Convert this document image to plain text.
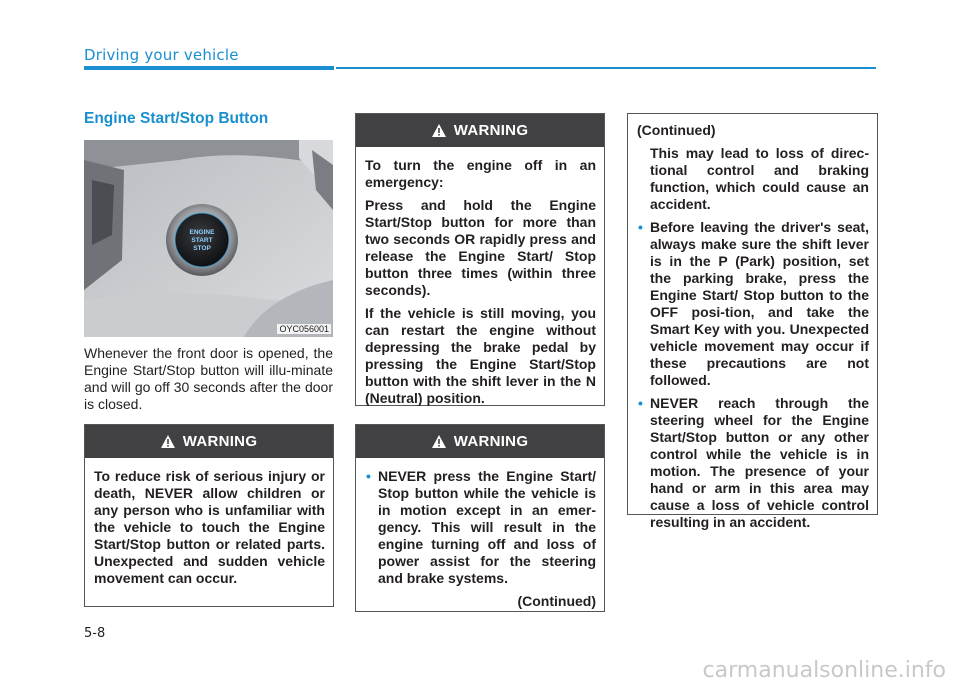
Driving your vehicle
Engine Start/Stop Button
ENGINE
START
STOP
OYC056001
Whenever the front door is opened, the Engine Start/Stop button will illu-minate and will go off 30 seconds after the door is closed.
WARNING

To reduce risk of serious injury or death, NEVER allow children or any person who is unfamiliar with the vehicle to touch the Engine Start/Stop button or related parts. Unexpected and sudden vehicle movement can occur.

WARNING

To turn the engine off in an emergency:

Press and hold the Engine Start/Stop button for more than two seconds OR rapidly press and release the Engine Start/ Stop button three times (within three seconds).

If the vehicle is still moving, you can restart the engine without depressing the brake pedal by pressing the Engine Start/Stop button with the shift lever in the N (Neutral) position.

WARNING
• NEVER press the Engine Start/ Stop button while the vehicle is in motion except in an emer-gency. This will result in the engine turning off and loss of power assist for the steering and brake systems.

(Continued)

(Continued)

This may lead to loss of direc-tional control and braking function, which could cause an accident.

• Before leaving the driver's seat, always make sure the shift lever is in the P (Park) position, set the parking brake, press the Engine Start/ Stop button to the OFF posi-tion, and take the Smart Key with you. Unexpected vehicle movement may occur if these precautions are not followed.
• NEVER reach through the steering wheel for the Engine Start/Stop button or any other control while the vehicle is in motion. The presence of your hand or arm in this area may cause a loss of vehicle control resulting in an accident.
5-8
carmanualsonline.info
